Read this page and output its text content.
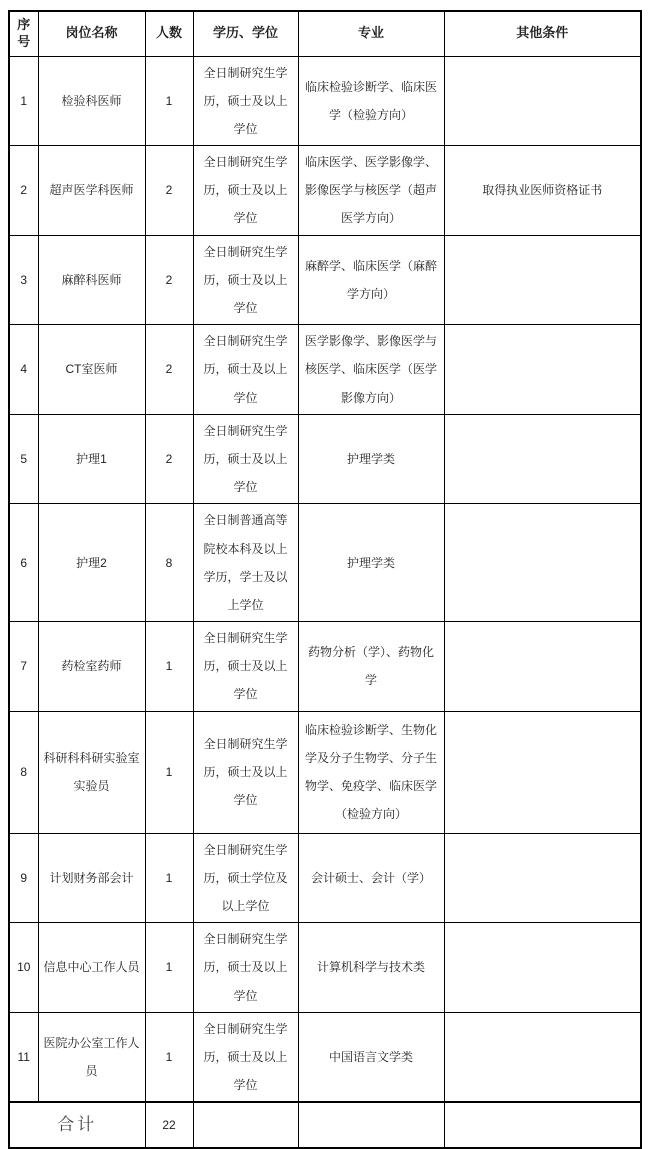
序号	岗位名称	人数	学历、学位	专业	其他条件
1	检验科医师	1	全日制研究生学历，硕士及以上学位	临床检验诊断学、临床医学（检验方向）	
2	超声医学科医师	2	全日制研究生学历，硕士及以上学位	临床医学、医学影像学、影像医学与核医学（超声医学方向）	取得执业医师资格证书
3	麻醉科医师	2	全日制研究生学历，硕士及以上学位	麻醉学、临床医学（麻醉学方向）	
4	CT室医师	2	全日制研究生学历，硕士及以上学位	医学影像学、影像医学与核医学、临床医学（医学影像方向）	
5	护理1	2	全日制研究生学历，硕士及以上学位	护理学类	
6	护理2	8	全日制普通高等院校本科及以上学历，学士及以上学位	护理学类	
7	药检室药师	1	全日制研究生学历，硕士及以上学位	药物分析（学）、药物化学	
8	科研科科研实验室实验员	1	全日制研究生学历，硕士及以上学位	临床检验诊断学、生物化学及分子生物学、分子生物学、免疫学、临床医学（检验方向）	
9	计划财务部会计	1	全日制研究生学历，硕士学位及以上学位	会计硕士、会计（学）	
10	信息中心工作人员	1	全日制研究生学历，硕士及以上学位	计算机科学与技术类	
11	医院办公室工作人员	1	全日制研究生学历，硕士及以上学位	中国语言文学类	
合计		22			
